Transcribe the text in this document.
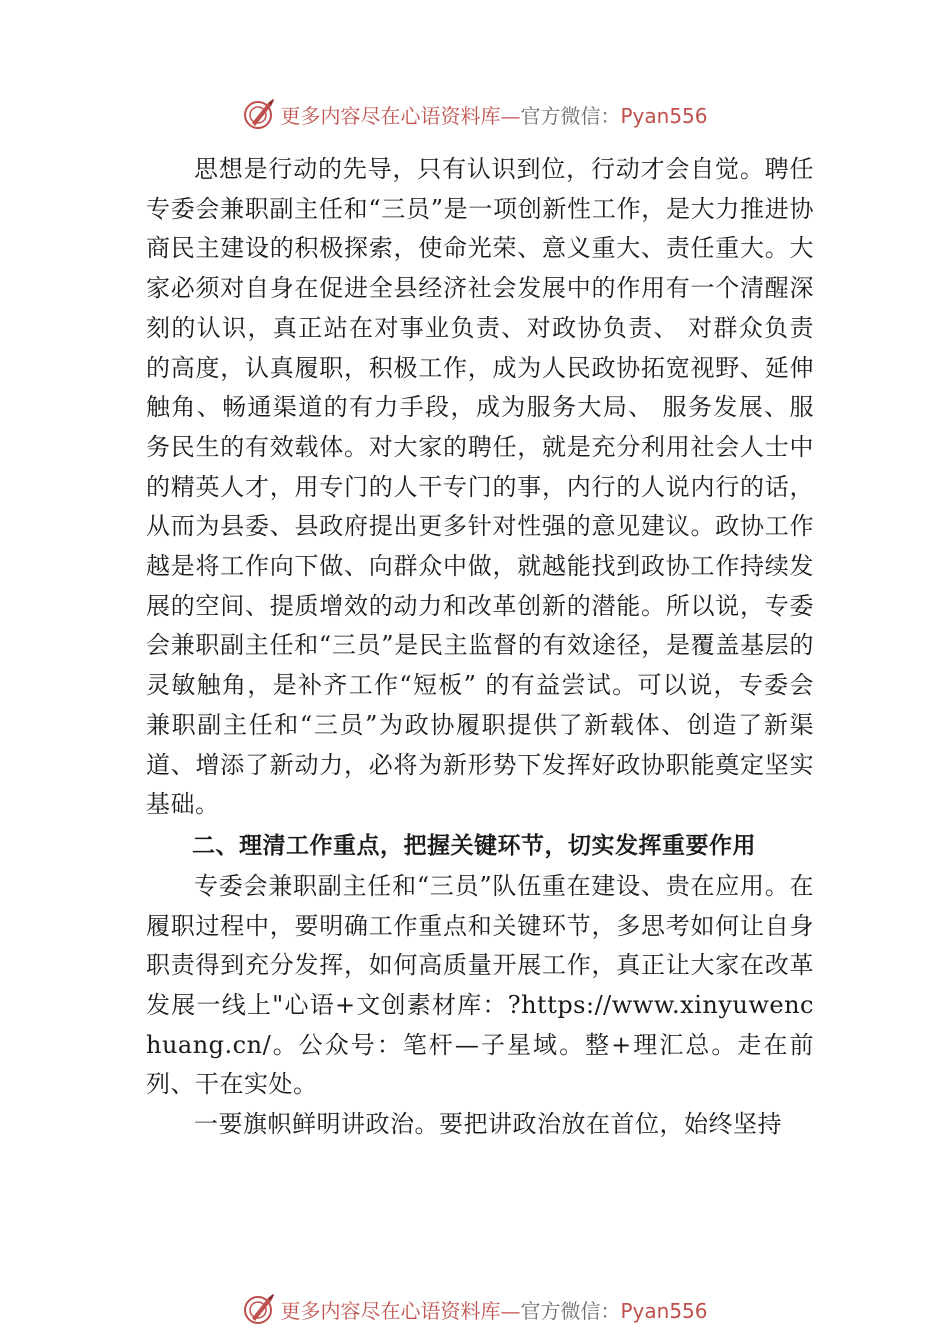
更多内容尽在心语资料库—官方微信：Pyan556

思想是行动的先导，只有认识到位，行动才会自觉。聘任专委会兼职副主任和“三员”是一项创新性工作，是大力推进协商民主建设的积极探索，使命光荣、意义重大、责任重大。大家必须对自身在促进全县经济社会发展中的作用有一个清醒深刻的认识，真正站在对事业负责、对政协负责、 对群众负责的高度，认真履职，积极工作，成为人民政协拓宽视野、延伸触角、畅通渠道的有力手段，成为服务大局、 服务发展、服务民生的有效载体。对大家的聘任，就是充分利用社会人士中的精英人才，用专门的人干专门的事，内行的人说内行的话，从而为县委、县政府提出更多针对性强的意见建议。政协工作越是将工作向下做、向群众中做，就越能找到政协工作持续发展的空间、提质增效的动力和改革创新的潜能。所以说，专委会兼职副主任和“三员”是民主监督的有效途径，是覆盖基层的灵敏触角，是补齐工作“短板” 的有益尝试。可以说，专委会兼职副主任和“三员”为政协履职提供了新载体、创造了新渠道、增添了新动力，必将为新形势下发挥好政协职能奠定坚实基础。

二、理清工作重点，把握关键环节，切实发挥重要作用

专委会兼职副主任和“三员”队伍重在建设、贵在应用。在履职过程中，要明确工作重点和关键环节，多思考如何让自身职责得到充分发挥，如何高质量开展工作，真正让大家在改革发展一线上"心语+文创素材库：?https://www.xinyuwenchuang.cn/。公众号：笔杆—子星域。整+理汇总。走在前列、干在实处。

一要旗帜鲜明讲政治。要把讲政治放在首位，始终坚持

更多内容尽在心语资料库—官方微信：Pyan556
